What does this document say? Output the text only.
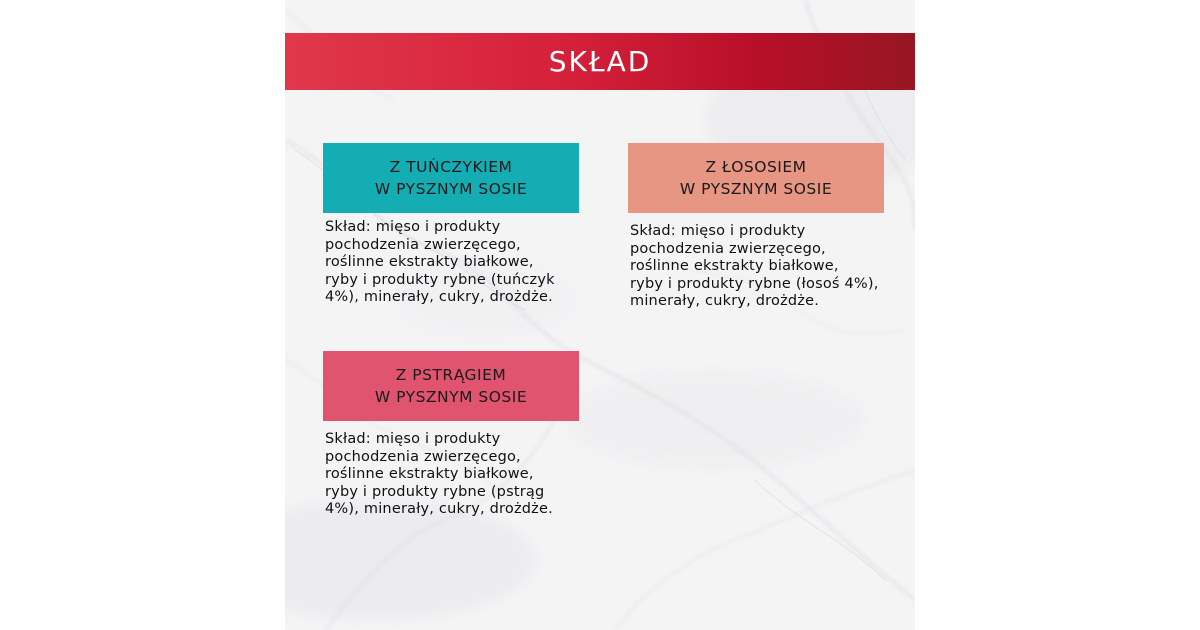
SKŁAD
Z TUŃCZYKIEM
W PYSZNYM SOSIE
Skład: mięso i produkty
pochodzenia zwierzęcego,
roślinne ekstrakty białkowe,
ryby i produkty rybne (tuńczyk
4%), minerały, cukry, drożdże.
Z ŁOSOSIEM
W PYSZNYM SOSIE
Skład: mięso i produkty
pochodzenia zwierzęcego,
roślinne ekstrakty białkowe,
ryby i produkty rybne (łosoś 4%),
minerały, cukry, drożdże.
Z PSTRĄGIEM
W PYSZNYM SOSIE
Skład: mięso i produkty
pochodzenia zwierzęcego,
roślinne ekstrakty białkowe,
ryby i produkty rybne (pstrąg
4%), minerały, cukry, drożdże.
